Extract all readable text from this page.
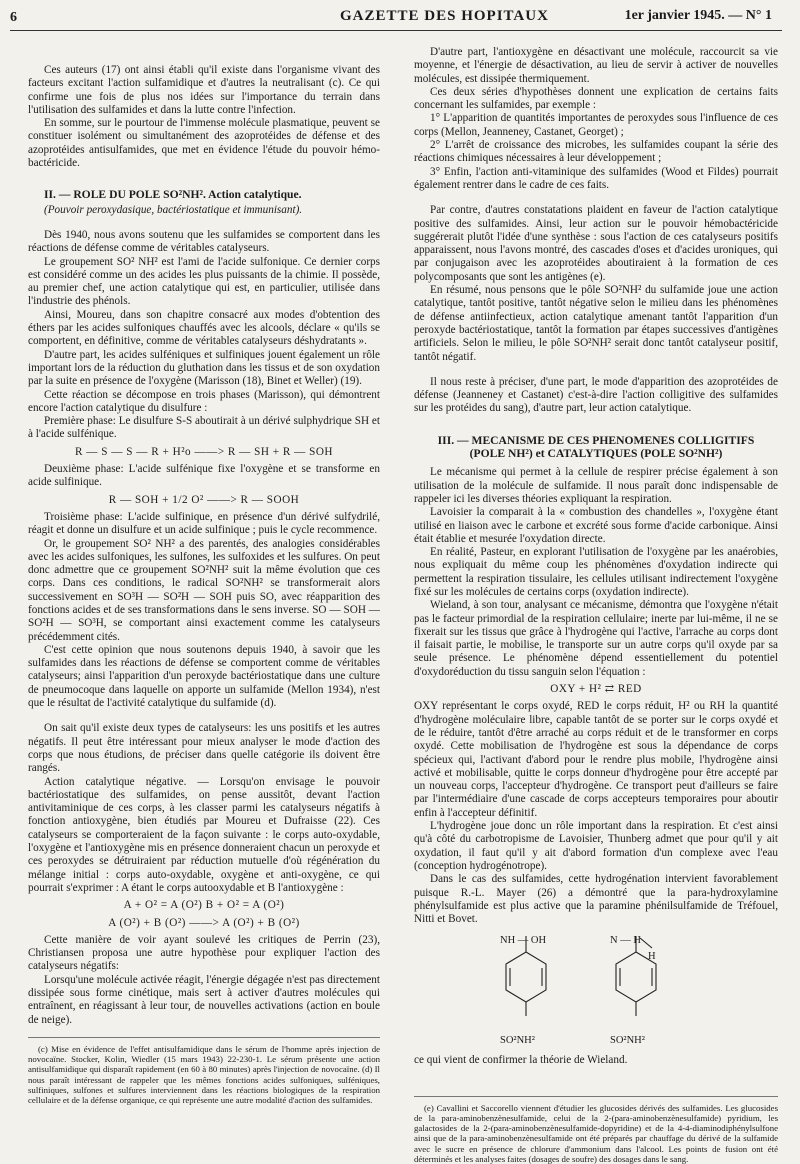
6	GAZETTE DES HOPITAUX	1er janvier 1945. — N° 1

Ces auteurs (17) ont ainsi établi qu'il existe dans l'organisme vivant des facteurs excitant l'action sulfamidique et d'autres la neutralisant (c). Ce qui confirme une fois de plus nos idées sur l'importance du terrain dans l'utilisation des sulfamides et dans la lutte contre l'infection.

En somme, sur le pourtour de l'immense molécule plasmatique, peuvent se constituer isolément ou simultanément des azoprotéides de défense et des azoprotéides antisulfamides, que met en évidence l'étude du pouvoir hémo-bactéricide.

II. — ROLE DU POLE SO²NH². Action catalytique.
(Pouvoir peroxydasique, bactériostatique et immunisant).

Dès 1940, nous avons soutenu que les sulfamides se comportent dans les réactions de défense comme de véritables catalyseurs.

Le groupement SO² NH² est l'ami de l'acide sulfonique. Ce dernier corps est considéré comme un des acides les plus puissants de la chimie. Il possède, au premier chef, une action catalytique qui est, en particulier, utilisée dans l'industrie des phénols.

Ainsi, Moureu, dans son chapitre consacré aux modes d'obtention des éthers par les acides sulfoniques chauffés avec les alcools, déclare « qu'ils se comportent, en définitive, comme de véritables catalyseurs déshydratants ».

D'autre part, les acides sulféniques et sulfiniques jouent également un rôle important lors de la réduction du gluthation dans les tissus et de son oxydation par la suite en présence de l'oxygène (Marisson (18), Binet et Weller) (19).

Cette réaction se décompose en trois phases (Marisson), qui démontrent encore l'action catalytique du disulfure :

Première phase: Le disulfure S-S aboutirait à un dérivé sulphydrique SH et à l'acide sulfénique.

R — S — S — R + H²o ——> R — SH + R — SOH

Deuxième phase: L'acide sulfénique fixe l'oxygène et se transforme en acide sulfinique.

R — SOH + 1/2 O² ——> R — SOOH

Troisième phase: L'acide sulfinique, en présence d'un dérivé sulfydrilé, réagit et donne un disulfure et un acide sulfinique ; puis le cycle recommence.

Or, le groupement SO² NH² a des parentés, des analogies considérables avec les acides sulfoniques, les sulfones, les sulfoxides et les sulfures. On peut donc admettre que ce groupement SO²NH² suit la même évolution que ces corps. Dans ces conditions, le radical SO²NH² se transformerait alors successivement en SO³H — SO²H — SOH puis SO, avec réapparition des fonctions acides et de ses transformations dans le sens inverse. SO — SOH — SO²H — SO³H, se comportant ainsi exactement comme les catalyseurs précédemment cités.

C'est cette opinion que nous soutenons depuis 1940, à savoir que les sulfamides dans les réactions de défense se comportent comme de véritables catalyseurs; ainsi l'apparition d'un peroxyde bactériostatique dans une culture de pneumocoque dans laquelle on apporte un sulfamide (Mellon 1934), n'est que le résultat de l'activité catalytique du sulfamide (d).

On sait qu'il existe deux types de catalyseurs: les uns positifs et les autres négatifs. Il peut être intéressant pour mieux analyser le mode d'action des corps que nous étudions, de préciser dans quelle catégorie ils doivent être rangés.

Action catalytique négative. — Lorsqu'on envisage le pouvoir bactériostatique des sulfamides, on pense aussitôt, devant l'action antivitaminique de ces corps, à les classer parmi les catalyseurs négatifs à fonction antioxygène, bien étudiés par Moureu et Dufraisse (22). Ces catalyseurs se comporteraient de la façon suivante : le corps auto-oxydable, l'oxygène et l'antioxygène mis en présence donneraient chacun un peroxyde et ces peroxydes se détruiraient par réduction mutuelle d'où régénération du mélange initial : corps auto-oxydable, oxygène et anti-oxygène, ce qui pourrait s'exprimer : A étant le corps autooxydable et B l'antioxygène :

A + O² = A (O²) B + O² = A (O²)
A (O²) + B (O²) ——> A (O²) + B (O²)

Cette manière de voir ayant soulevé les critiques de Perrin (23), Christiansen proposa une autre hypothèse pour expliquer l'action des catalyseurs négatifs:

Lorsqu'une molécule activée réagit, l'énergie dégagée n'est pas directement dissipée sous forme cinétique, mais sert à activer d'autres molécules qui entraînent, en réagissant à leur tour, de nouvelles activations (action en boule de neige).

(c) Mise en évidence de l'effet antisulfamidique dans le sérum de l'homme après injection de novocaïne. Stocker, Kolin, Wiedler (15 mars 1943) 22-230-1. Le sérum présente une action antisulfamidique qui disparaît rapidement (en 60 à 80 minutes) après l'injection de novocaïne. (d) Il nous paraît intéressant de rappeler que les mêmes fonctions acides sulfoniques, sulféniques, sulfiniques, sulfones et sulfures interviennent dans les réactions biologiques de la respiration cellulaire et de la défense organique, ce qui représente une autre modalité d'action des sulfamides.

D'autre part, l'antioxygène en désactivant une molécule, raccourcit sa vie moyenne, et l'énergie de désactivation, au lieu de servir à activer de nouvelles molécules, est dissipée thermiquement.

Ces deux séries d'hypothèses donnent une explication de certains faits concernant les sulfamides, par exemple :

1° L'apparition de quantités importantes de peroxydes sous l'influence de ces corps (Mellon, Jeanneney, Castanet, Georget) ;

2° L'arrêt de croissance des microbes, les sulfamides coupant la série des réactions chimiques nécessaires à leur développement ;

3° Enfin, l'action anti-vitaminique des sulfamides (Wood et Fildes) pourrait également rentrer dans le cadre de ces faits.

Par contre, d'autres constatations plaident en faveur de l'action catalytique positive des sulfamides. Ainsi, leur action sur le pouvoir hémobactéricide suggérerait plutôt l'idée d'une synthèse : sous l'action de ces catalyseurs positifs apparaissent, nous l'avons montré, des cascades d'oses et d'acides uroniques, qui par conjugaison avec les azoprotéides aboutiraient à la formation de ces polycomposants que sont les antigènes (e).

En résumé, nous pensons que le pôle SO²NH² du sulfamide joue une action catalytique, tantôt positive, tantôt négative selon le milieu dans les phénomènes de défense antiinfectieux, action catalytique amenant tantôt l'apparition d'un peroxyde bactériostatique, tantôt la formation par étapes successives d'antigènes artificiels. Selon le milieu, le pôle SO²NH² serait donc tantôt catalyseur positif, tantôt négatif.

Il nous reste à préciser, d'une part, le mode d'apparition des azoprotéides de défense (Jeanneney et Castanet) c'est-à-dire l'action colligitive des sulfamides sur les protéides du sang), d'autre part, leur action catalytique.

III. — MECANISME DE CES PHENOMENES COLLIGITIFS
(POLE NH²) et CATALYTIQUES (POLE SO²NH²)

Le mécanisme qui permet à la cellule de respirer précise également à son utilisation de la molécule de sulfamide. Il nous paraît donc indispensable de rappeler ici les diverses théories expliquant la respiration.

Lavoisier la comparait à la « combustion des chandelles », l'oxygène étant utilisé en liaison avec le carbone et excrété sous forme d'acide carbonique. Ainsi était établie et mesurée l'oxydation directe.

En réalité, Pasteur, en explorant l'utilisation de l'oxygène par les anaérobies, nous expliquait du même coup les phénomènes d'oxydation indirecte qui permettent la respiration tissulaire, les cellules utilisant indirectement l'oxygène fixé sur les molécules de certains corps (oxydation indirecte).

Wieland, à son tour, analysant ce mécanisme, démontra que l'oxygène n'était pas le facteur primordial de la respiration cellulaire; inerte par lui-même, il ne se fixerait sur les tissus que grâce à l'hydrogène qui l'active, l'arrache au corps dont il faisait partie, le mobilise, le transporte sur un autre corps qu'il oxyde par sa seule présence. Le phénomène dépend essentiellement du potentiel d'oxydoréduction du tissu sanguin selon l'équation :

OXY + H² ⇄ RED

OXY représentant le corps oxydé, RED le corps réduit, H² ou RH la quantité d'hydrogène moléculaire libre, capable tantôt de se porter sur le corps oxydé et de le réduire, tantôt d'être arraché au corps réduit et de le transformer en corps oxydé. Cette mobilisation de l'hydrogène est sous la dépendance de corps spécieux qui, l'activant d'abord pour le rendre plus mobile, l'hydrogène ainsi activé et mobilisable, quitte le corps donneur d'hydrogène pour être accepté par un nouveau corps, l'accepteur d'hydrogène. Ce transport peut d'ailleurs se faire par l'intermédiaire d'une cascade de corps accepteurs temporaires pour aboutir enfin à l'accepteur définitif.

L'hydrogène joue donc un rôle important dans la respiration. Et c'est ainsi qu'à côté du carbotropisme de Lavoisier, Thunberg admet que pour qu'il y ait oxydation, il faut qu'il y ait d'abord formation d'un complexe avec l'eau (conception hydrogénotrope).

Dans le cas des sulfamides, cette hydrogénation intervient favorablement puisque R.-L. Mayer (26) a démontré que la para-hydroxylamine phénylsulfamide est plus active que la paramine phénilsulfamide de Tréfouel, Nitti et Bovet.

NH — OH	N — H
H
SO²NH²	SO²NH²

ce qui vient de confirmer la théorie de Wieland.

(e) Cavallini et Saccorello viennent d'étudier les glucosides dérivés des sulfamides. Les glucosides de la para-aminobenzènesulfamide, celui de la 2-(para-aminobenzènesulfamide) pyridium, les galactosides de la 2-(para-aminobenzènesulfamide-dopyridine) et de la 4-4-diaminodiphénylsulfone ainsi que de la para-aminobenzènesulfamide ont été préparés par chauffage du dérivé de la sulfamide avec le sucre en présence de chlorure d'ammonium dans l'alcool. Les points de fusion ont été déterminés et les analyses faites (dosages de soufre) des dosages dans le sang.
